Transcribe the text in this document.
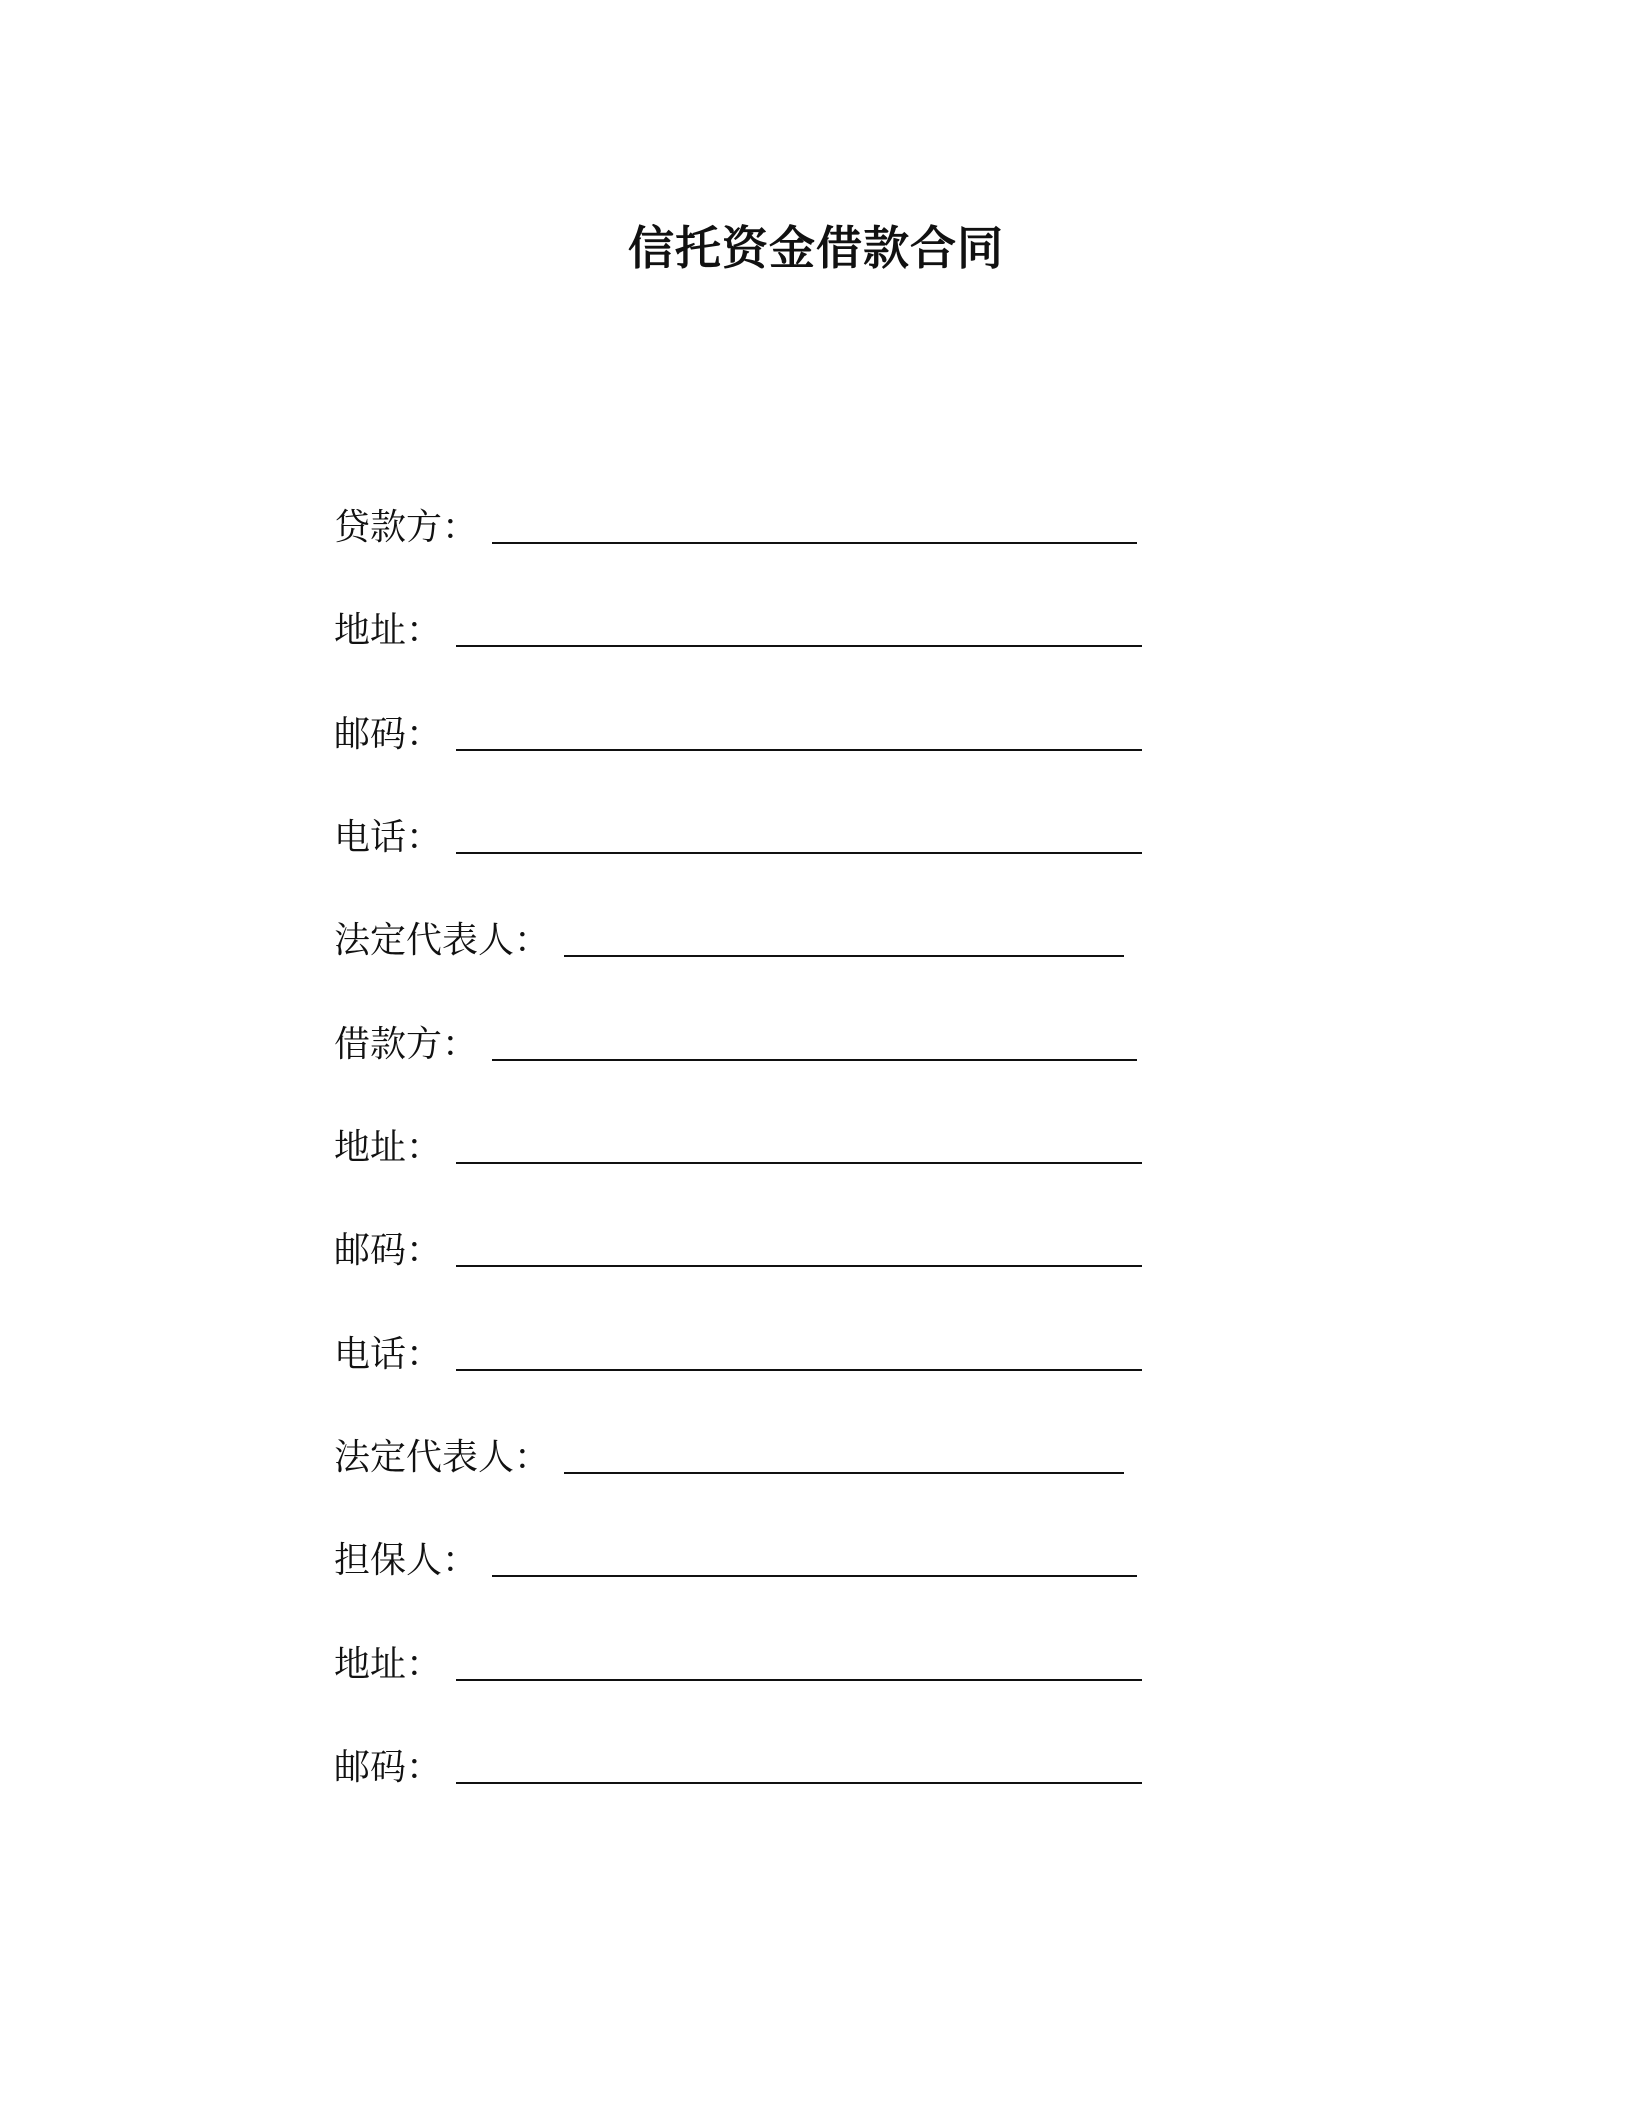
信托资金借款合同
贷款方：
地址：
邮码：
电话：
法定代表人：
借款方：
地址：
邮码：
电话：
法定代表人：
担保人：
地址：
邮码：
